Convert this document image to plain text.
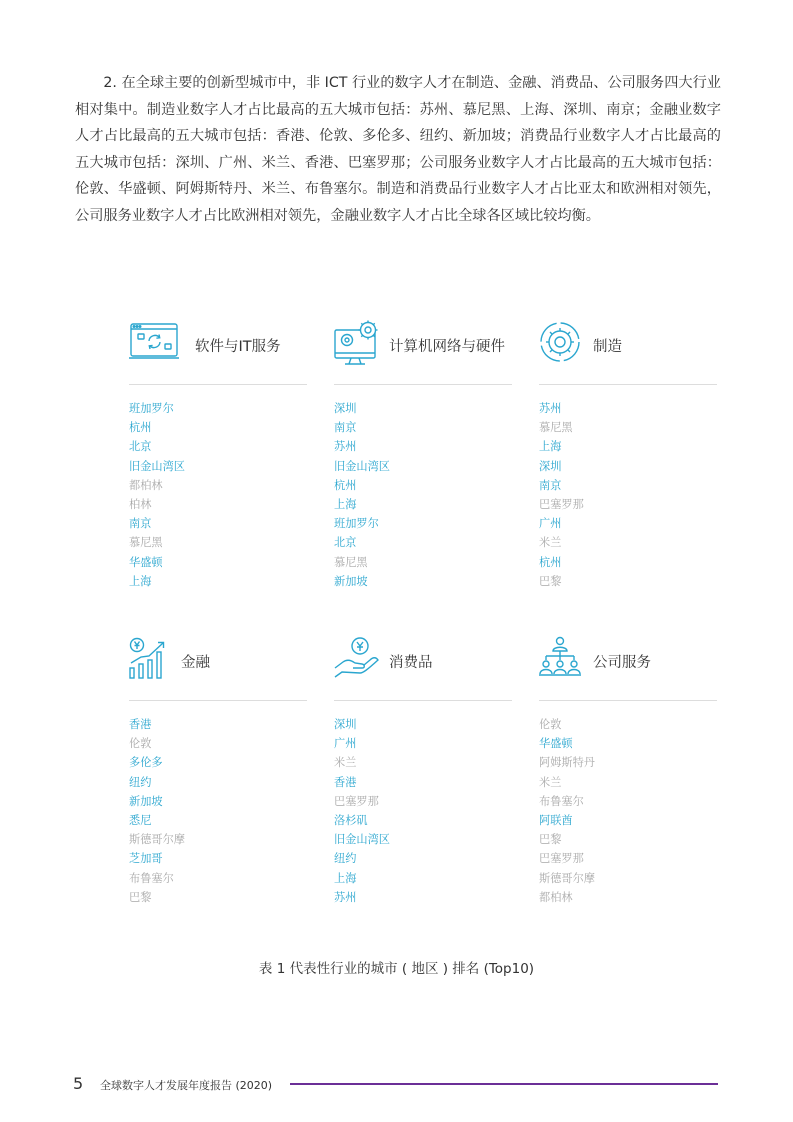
2. 在全球主要的创新型城市中，非 ICT 行业的数字人才在制造、金融、消费品、公司服务四大行业相对集中。制造业数字人才占比最高的五大城市包括：苏州、慕尼黑、上海、深圳、南京；金融业数字人才占比最高的五大城市包括：香港、伦敦、多伦多、纽约、新加坡；消费品行业数字人才占比最高的五大城市包括：深圳、广州、米兰、香港、巴塞罗那；公司服务业数字人才占比最高的五大城市包括：伦敦、华盛顿、阿姆斯特丹、米兰、布鲁塞尔。制造和消费品行业数字人才占比亚太和欧洲相对领先，公司服务业数字人才占比欧洲相对领先，金融业数字人才占比全球各区域比较均衡。

软件与IT服务
班加罗尔
杭州
北京
旧金山湾区
都柏林
柏林
南京
慕尼黑
华盛顿
上海
计算机网络与硬件
深圳
南京
苏州
旧金山湾区
杭州
上海
班加罗尔
北京
慕尼黑
新加坡
制造
苏州
慕尼黑
上海
深圳
南京
巴塞罗那
广州
米兰
杭州
巴黎
金融
香港
伦敦
多伦多
纽约
新加坡
悉尼
斯德哥尔摩
芝加哥
布鲁塞尔
巴黎
消费品
深圳
广州
米兰
香港
巴塞罗那
洛杉矶
旧金山湾区
纽约
上海
苏州
公司服务
伦敦
华盛顿
阿姆斯特丹
米兰
布鲁塞尔
阿联酋
巴黎
巴塞罗那
斯德哥尔摩
都柏林

表 1 代表性行业的城市 ( 地区 ) 排名 (Top10)

5 全球数字人才发展年度报告 (2020)
